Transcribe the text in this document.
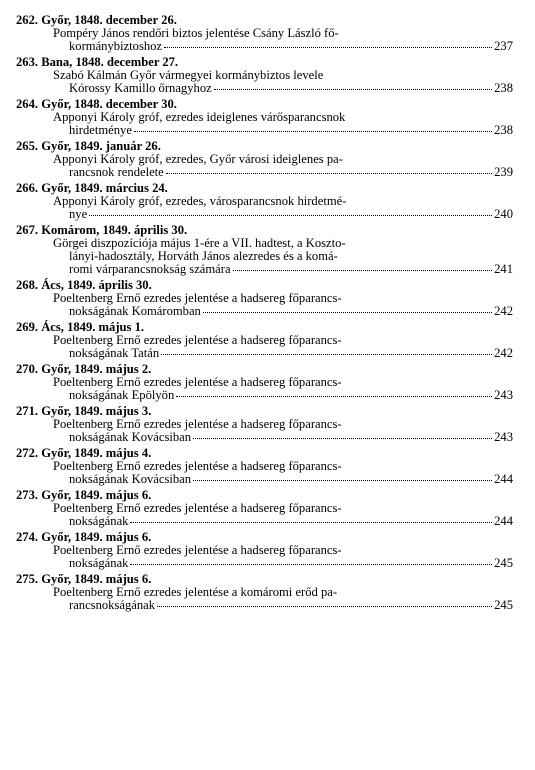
262. Győr, 1848. december 26.
Pompéry János rendőri biztos jelentése Csány László fő-
kormánybiztoshoz	237
263. Bana, 1848. december 27.
Szabó Kálmán Győr vármegyei kormánybiztos levele
Kórossy Kamillo őrnagyhoz	238
264. Győr, 1848. december 30.
Apponyi Károly gróf, ezredes ideiglenes várősparancsnok
hirdetménye	238
265. Győr, 1849. január 26.
Apponyi Károly gróf, ezredes, Győr városi ideiglenes pa-
rancsnok rendelete	239
266. Győr, 1849. március 24.
Apponyi Károly gróf, ezredes, városparancsnok hirdetmé-
nye	240
267. Komárom, 1849. április 30.
Görgei diszpozíciója május 1-ére a VII. hadtest, a Koszto-
lányi-hadosztály, Horváth János alezredes és a komá-
romi várparancsnokság számára	241
268. Ács, 1849. április 30.
Poeltenberg Ernő ezredes jelentése a hadsereg főparancs-
nokságának Komáromban	242
269. Ács, 1849. május 1.
Poeltenberg Ernő ezredes jelentése a hadsereg főparancs-
nokságának Tatán	242
270. Győr, 1849. május 2.
Poeltenberg Ernő ezredes jelentése a hadsereg főparancs-
nokságának Epölyön	243
271. Győr, 1849. május 3.
Poeltenberg Ernő ezredes jelentése a hadsereg főparancs-
nokságának Kovácsiban	243
272. Győr, 1849. május 4.
Poeltenberg Ernő ezredes jelentése a hadsereg főparancs-
nokságának Kovácsiban	244
273. Győr, 1849. május 6.
Poeltenberg Ernő ezredes jelentése a hadsereg főparancs-
nokságának	244
274. Győr, 1849. május 6.
Poeltenberg Ernő ezredes jelentése a hadsereg főparancs-
nokságának	245
275. Győr, 1849. május 6.
Poeltenberg Ernő ezredes jelentése a komáromi erőd pa-
rancsnokságának	245
